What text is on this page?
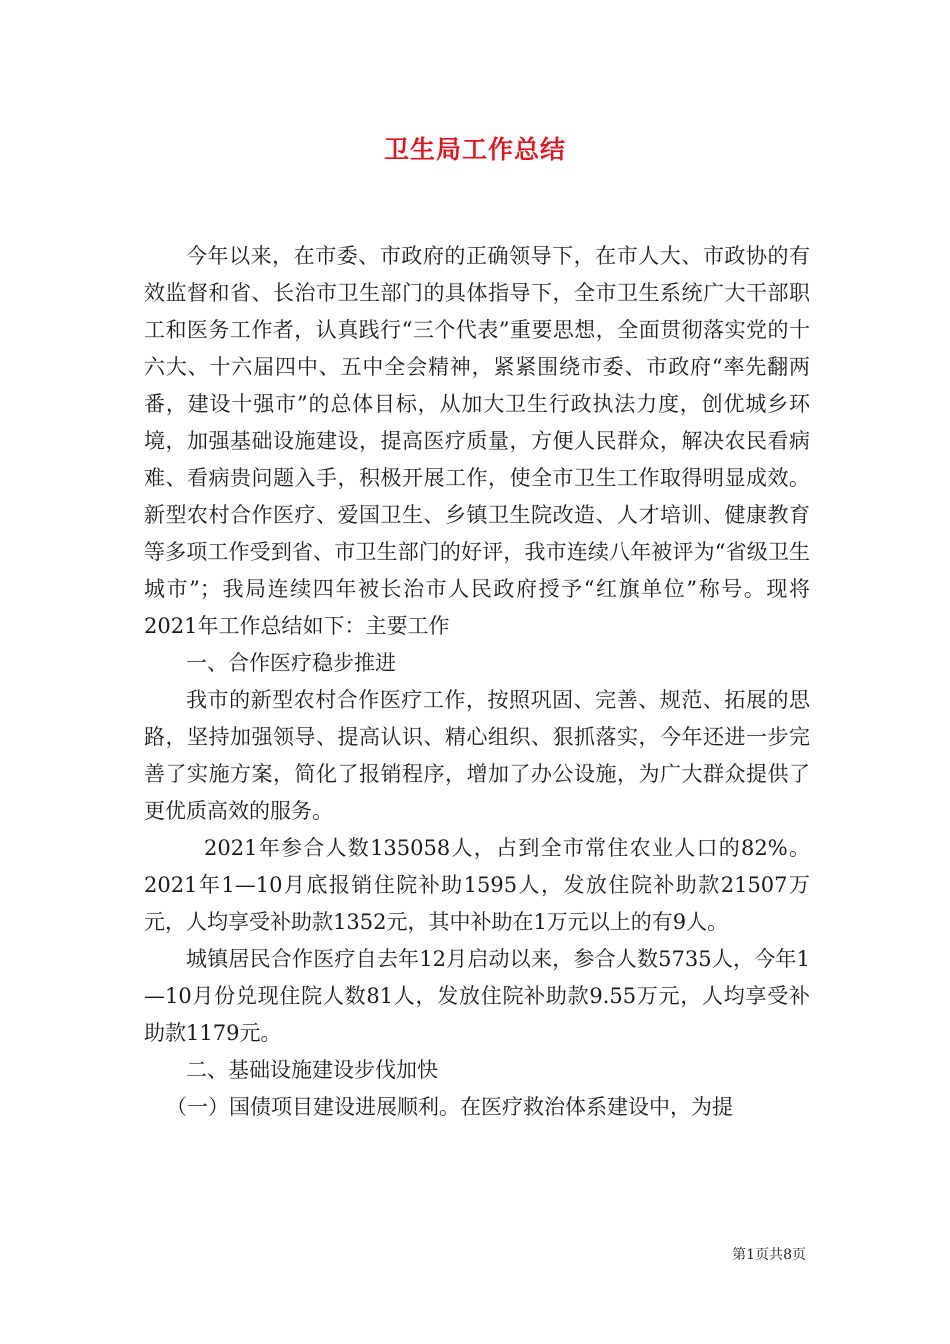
卫生局工作总结

今年以来，在市委、市政府的正确领导下，在市人大、市政协的有效监督和省、长治市卫生部门的具体指导下，全市卫生系统广大干部职工和医务工作者，认真践行“三个代表”重要思想，全面贯彻落实党的十六大、十六届四中、五中全会精神，紧紧围绕市委、市政府“率先翻两番，建设十强市”的总体目标，从加大卫生行政执法力度，创优城乡环境，加强基础设施建设，提高医疗质量，方便人民群众，解决农民看病难、看病贵问题入手，积极开展工作，使全市卫生工作取得明显成效。新型农村合作医疗、爱国卫生、乡镇卫生院改造、人才培训、健康教育等多项工作受到省、市卫生部门的好评，我市连续八年被评为“省级卫生城市”；我局连续四年被长治市人民政府授予“红旗单位”称号。现将2021年工作总结如下：主要工作

一、合作医疗稳步推进

我市的新型农村合作医疗工作，按照巩固、完善、规范、拓展的思路，坚持加强领导、提高认识、精心组织、狠抓落实，今年还进一步完善了实施方案，简化了报销程序，增加了办公设施，为广大群众提供了更优质高效的服务。

2021年参合人数135058人，占到全市常住农业人口的82%。2021年1—10月底报销住院补助1595人，发放住院补助款21507万元，人均享受补助款1352元，其中补助在1万元以上的有9人。

城镇居民合作医疗自去年12月启动以来，参合人数5735人，今年1—10月份兑现住院人数81人，发放住院补助款9.55万元，人均享受补助款1179元。

二、基础设施建设步伐加快

（一）国债项目建设进展顺利。在医疗救治体系建设中，为提

第1页共8页
